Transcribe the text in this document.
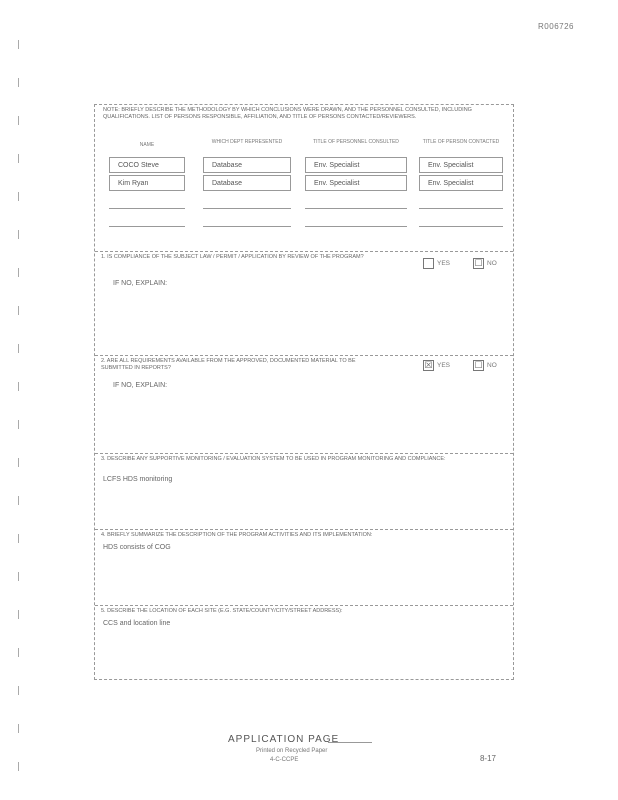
R006726
NOTE: BRIEFLY DESCRIBE THE METHODOLOGY BY WHICH CONCLUSIONS WERE DRAWN, AND THE PERSONNEL CONSULTED, INCLUDING QUALIFICATIONS. LIST OF PERSONS RESPONSIBLE, AFFILIATION, AND TITLE OF PERSONS CONTACTED/REVIEWERS.
NAME	WHICH DEPT REPRESENTED	TITLE OF PERSONNEL CONSULTED	TITLE OF PERSON CONTACTED
COCO Steve	Database	Env. Specialist	Env. Specialist
Kim Ryan	Database	Env. Specialist	Env. Specialist
1. IS COMPLIANCE OF THE SUBJECT LAW / PERMIT / APPLICATION BY REVIEW OF THE PROGRAM?
YES	☐ NO
IF NO, EXPLAIN:
2. ARE ALL REQUIREMENTS AVAILABLE FROM THE APPROVED, DOCUMENTED MATERIAL TO BE SUBMITTED IN REPORTS?	☒ YES	☐ NO
IF NO, EXPLAIN:
3. DESCRIBE ANY SUPPORTIVE MONITORING / EVALUATION SYSTEM TO BE USED IN PROGRAM MONITORING AND COMPLIANCE:
LCFS HDS monitoring
4. BRIEFLY SUMMARIZE THE DESCRIPTION OF THE PROGRAM ACTIVITIES AND ITS IMPLEMENTATION:
HDS consists of COG
5. DESCRIBE THE LOCATION OF EACH SITE (E.G. STATE/COUNTY/CITY/STREET ADDRESS):
CCS and location line
APPLICATION PAGE
Printed on Recycled Paper
4-C-CCPE	8-17
